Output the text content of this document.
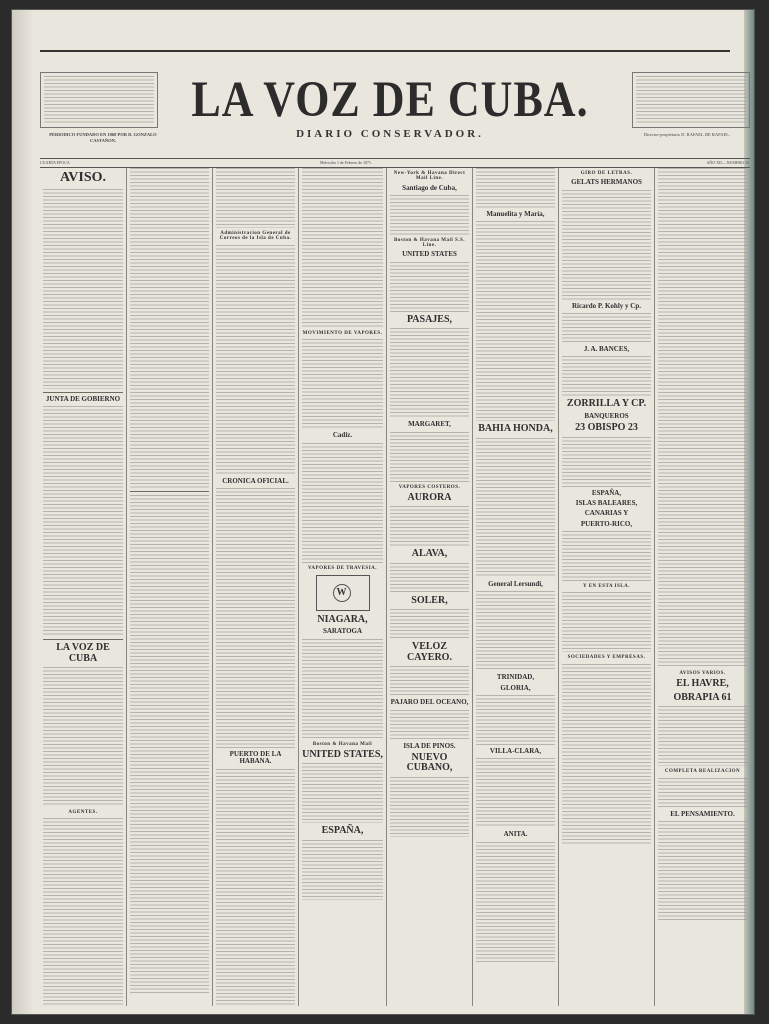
PERIODICO FUNDADO EN 1868 POR D. GONZALO CASTAÑON.
Director-propietario D. RAFAEL DE RAFAEL.
LA VOZ DE CUBA.
DIARIO CONSERVADOR.
CUARTA EPOCA	Miércoles 1 de Febrero de 1871.	AÑO XII.—NUMERO 31.
AVISO.
JUNTA DE GOBIERNO
LA VOZ DE CUBA
AGENTES.
Administracion General de Correos de la Isla de Cuba.
CRONICA OFICIAL.
PUERTO DE LA HABANA.
MOVIMIENTO DE VAPORES.
Cadiz.
VAPORES DE TRAVESIA.
W
NIAGARA,
SARATOGA
Boston & Havana Mail
UNITED STATES,
ESPAÑA,
New-York & Havana Direct Mail Line.
Santiago de Cuba,
Boston & Havana Mail S.S. Line.
UNITED STATES
PASAJES,
MARGARET,
VAPORES COSTEROS.
AURORA
ALAVA,
SOLER,
VELOZ CAYERO.
PAJARO DEL OCEANO,
ISLA DE PINOS.
NUEVO CUBANO,
Manuelita y María,
BAHIA HONDA,
General Lersundi,
TRINIDAD,
GLORIA,
VILLA-CLARA,
ANITA.
GIRO DE LETRAS.
GELATS HERMANOS
Ricardo P. Kohly y Cp.
J. A. BANCES,
ZORRILLA Y CP.
BANQUEROS
23 OBISPO 23
ESPAÑA,
ISLAS BALEARES,
CANARIAS Y
PUERTO-RICO,
Y EN ESTA ISLA.
SOCIEDADES Y EMPRESAS.
AVISOS VARIOS.
EL HAVRE,
OBRAPIA 61
COMPLETA REALIZACION
EL PENSAMIENTO.
